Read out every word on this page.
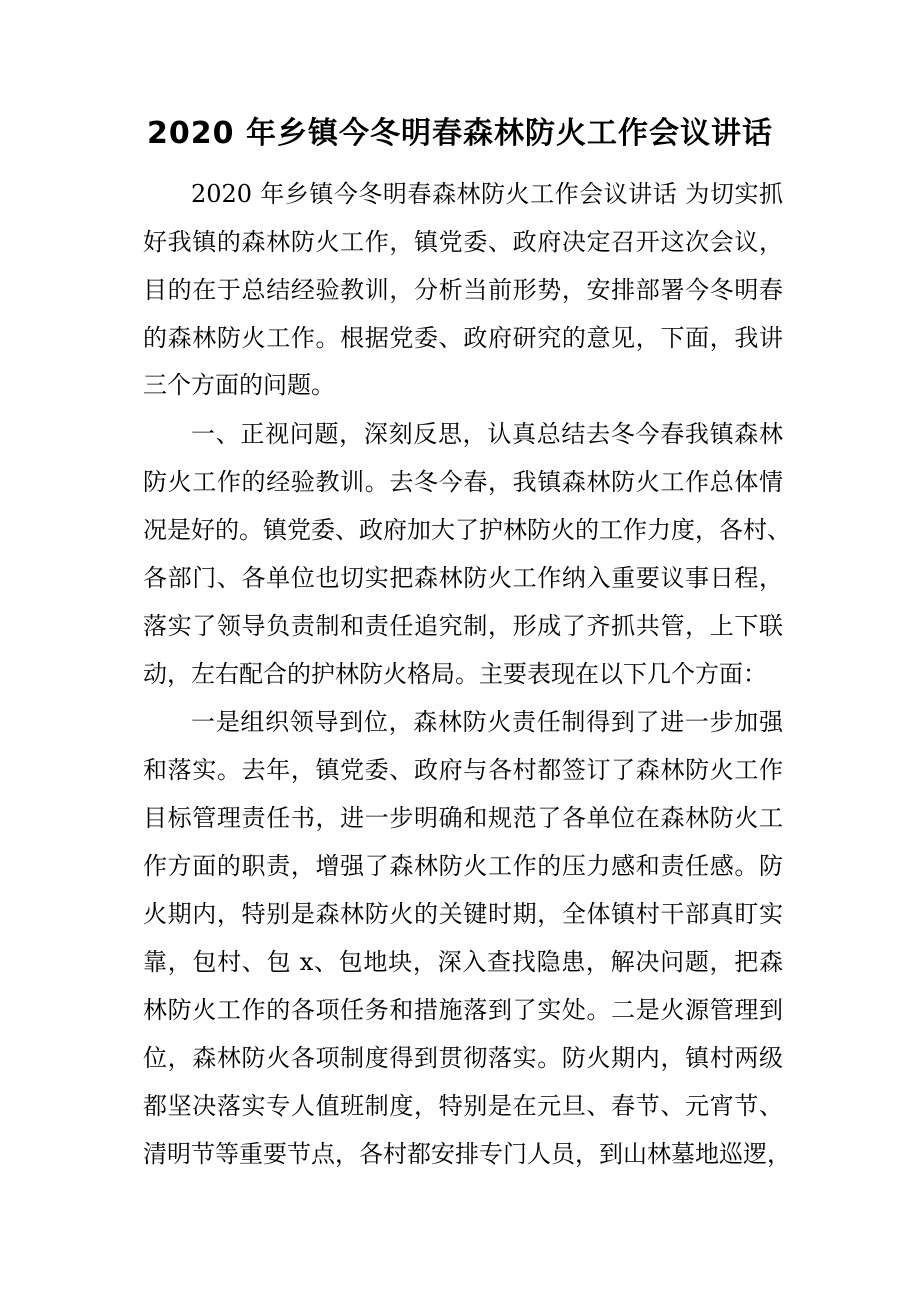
2020 年乡镇今冬明春森林防火工作会议讲话
2020 年乡镇今冬明春森林防火工作会议讲话 为切实抓
好我镇的森林防火工作，镇党委、政府决定召开这次会议，
目的在于总结经验教训，分析当前形势，安排部署今冬明春
的森林防火工作。根据党委、政府研究的意见，下面，我讲
三个方面的问题。
一、正视问题，深刻反思，认真总结去冬今春我镇森林
防火工作的经验教训。去冬今春，我镇森林防火工作总体情
况是好的。镇党委、政府加大了护林防火的工作力度，各村、
各部门、各单位也切实把森林防火工作纳入重要议事日程，
落实了领导负责制和责任追究制，形成了齐抓共管，上下联
动，左右配合的护林防火格局。主要表现在以下几个方面：
一是组织领导到位，森林防火责任制得到了进一步加强
和落实。去年，镇党委、政府与各村都签订了森林防火工作
目标管理责任书，进一步明确和规范了各单位在森林防火工
作方面的职责，增强了森林防火工作的压力感和责任感。防
火期内，特别是森林防火的关键时期，全体镇村干部真盯实
靠，包村、包 x、包地块，深入查找隐患，解决问题，把森
林防火工作的各项任务和措施落到了实处。二是火源管理到
位，森林防火各项制度得到贯彻落实。防火期内，镇村两级
都坚决落实专人值班制度，特别是在元旦、春节、元宵节、
清明节等重要节点，各村都安排专门人员，到山林墓地巡逻，
